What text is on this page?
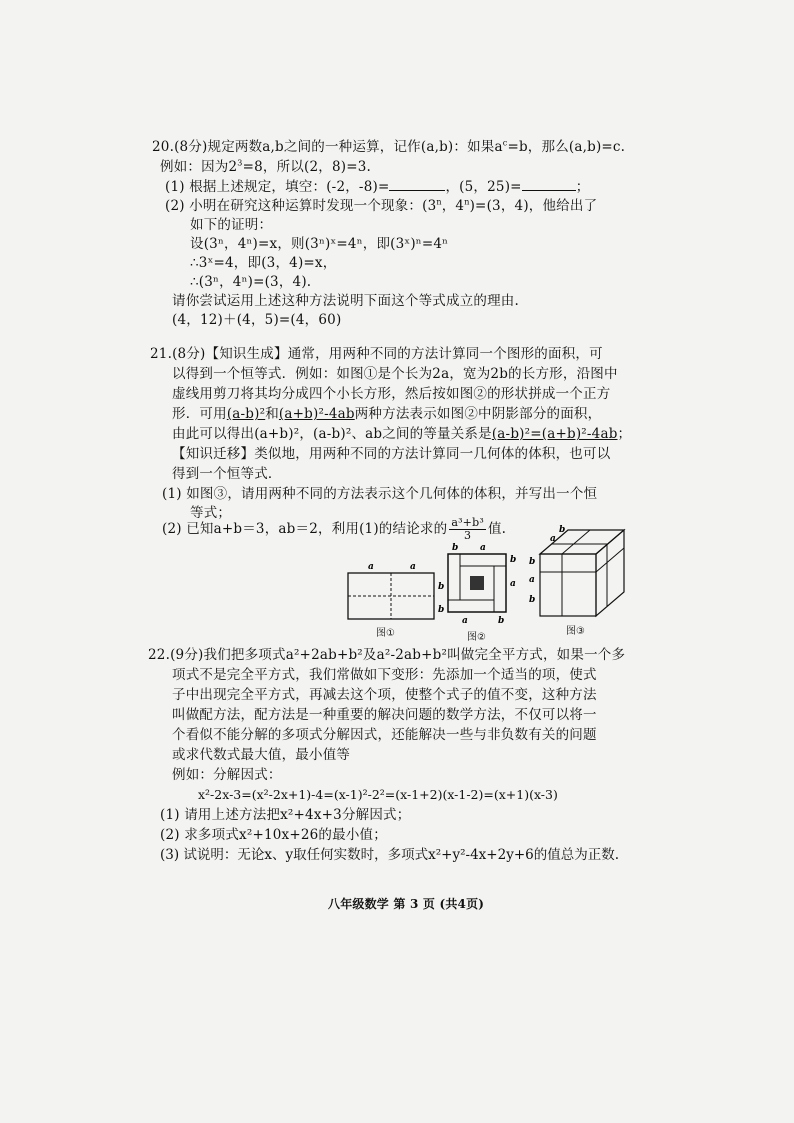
20.(8分)规定两数a,b之间的一种运算，记作(a,b)：如果$a^c=b$，那么(a,b)=c.
例如：因为$2^3=8$，所以(2，8)=3.
(1) 根据上述规定，填空：(-2，-8)=	，(5，25)=	；
(2) 小明在研究这种运算时发现一个现象：(3$^n$，$4^n)=(3$，4)，他给出了
如下的证明：
设(3ⁿ，4ⁿ)=x，则(3ⁿ)ˣ=4ⁿ，即(3ˣ)ⁿ=4ⁿ
∴3ˣ=4，即(3，4)=x，
∴(3ⁿ，4ⁿ)=(3，4).
请你尝试运用上述这种方法说明下面这个等式成立的理由.
(4，12)＋(4，5)=(4，60)
21.(8分)【知识生成】通常，用两种不同的方法计算同一个图形的面积，可
以得到一个恒等式．例如：如图①是个长为2a，宽为2b的长方形，沿图中
虚线用剪刀将其均分成四个小长方形，然后按如图②的形状拼成一个正方
形．可用(a-b)²和(a+b)²-4ab两种方法表示如图②中阴影部分的面积，
由此可以得出(a+b)²，(a-b)²、ab之间的等量关系是(a-b)²=(a+b)²-4ab；
【知识迁移】类似地，用两种不同的方法计算同一几何体的体积，也可以
得到一个恒等式．
(1) 如图③，请用两种不同的方法表示这个几何体的体积，并写出一个恒
等式；
(2) 已知a+b＝3，ab＝2，利用(1)的结论求的 $\frac{\text{a³+b³}}{3}$ 值.
a	a
b
b
图①
b a
b
a
a	b
图②
b
a
b
a
b
图③
22.(9分)我们把多项式a²+2ab+b²及a²-2ab+b²叫做完全平方式，如果一个多
项式不是完全平方式，我们常做如下变形：先添加一个适当的项，使式
子中出现完全平方式，再减去这个项，使整个式子的值不变，这种方法
叫做配方法，配方法是一种重要的解决问题的数学方法，不仅可以将一
个看似不能分解的多项式分解因式，还能解决一些与非负数有关的问题
或求代数式最大值，最小值等
例如：分解因式：
x²-2x-3=(x²-2x+1)-4=(x-1)²-2²=(x-1+2)(x-1-2)=(x+1)(x-3)
(1) 请用上述方法把x²+4x+3分解因式；
(2) 求多项式x²+10x+26的最小值；
(3) 试说明：无论x、y取任何实数时，多项式x²+y²-4x+2y+6的值总为正数.
八年级数学 第 3 页 (共4页)
